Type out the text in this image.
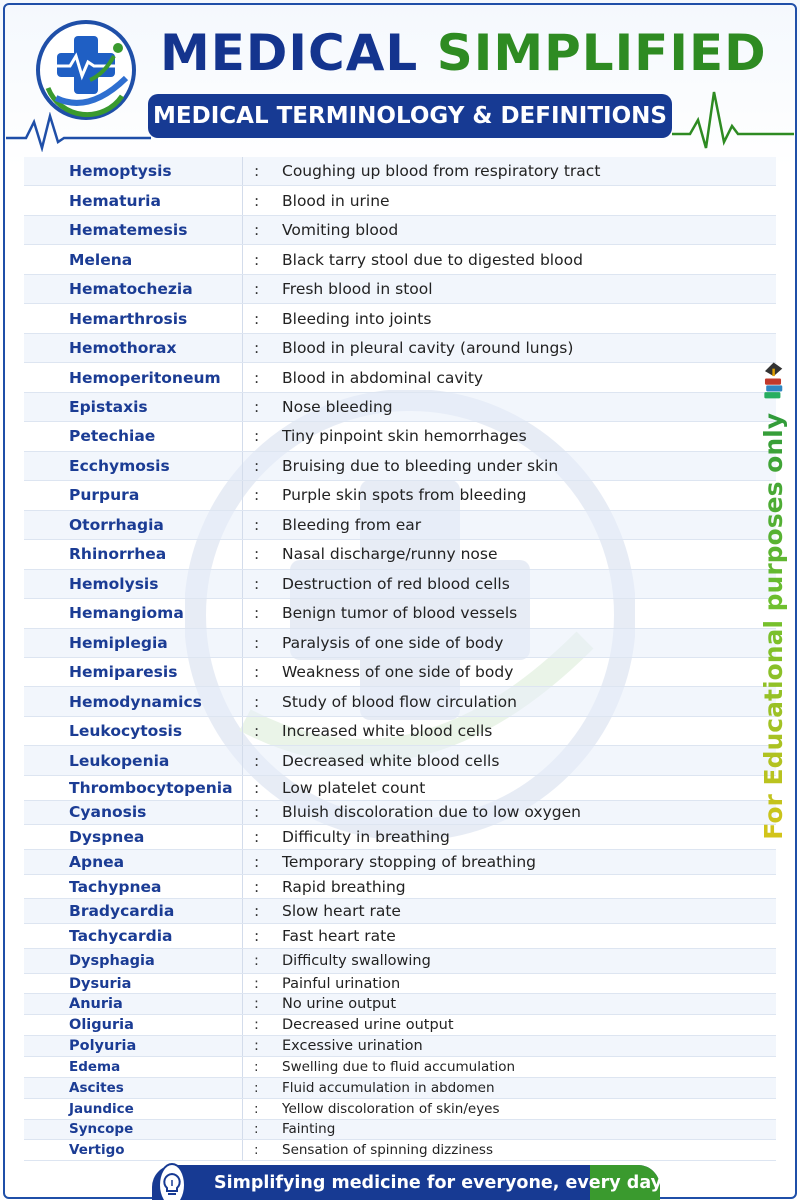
MEDICAL SIMPLIFIED
MEDICAL TERMINOLOGY & DEFINITIONS
Hemoptysis	: Coughing up blood from respiratory tract
Hematuria	: Blood in urine
Hematemesis	: Vomiting blood
Melena	: Black tarry stool due to digested blood
Hematochezia	: Fresh blood in stool
Hemarthrosis	: Bleeding into joints
Hemothorax	: Blood in pleural cavity (around lungs)
Hemoperitoneum : Blood in abdominal cavity
Epistaxis	: Nose bleeding
Petechiae	: Tiny pinpoint skin hemorrhages
Ecchymosis	: Bruising due to bleeding under skin
Purpura	: Purple skin spots from bleeding
Otorrhagia	: Bleeding from ear
Rhinorrhea	: Nasal discharge/runny nose
Hemolysis	: Destruction of red blood cells
Hemangioma	: Benign tumor of blood vessels
Hemiplegia	: Paralysis of one side of body
Hemiparesis	: Weakness of one side of body
Hemodynamics	: Study of blood flow circulation
Leukocytosis	: Increased white blood cells
Leukopenia	: Decreased white blood cells
Thrombocytopenia : Low platelet count
Cyanosis	: Bluish discoloration due to low oxygen
Dyspnea	: Difficulty in breathing
Apnea	: Temporary stopping of breathing
Tachypnea	: Rapid breathing
Bradycardia	: Slow heart rate
Tachycardia	: Fast heart rate
Dysphagia	: Difficulty swallowing
Dysuria	: Painful urination
Anuria	: No urine output
Oliguria	: Decreased urine output
Polyuria	: Excessive urination
Edema	: Swelling due to fluid accumulation
Ascites	: Fluid accumulation in abdomen
Jaundice	: Yellow discoloration of skin/eyes
Syncope	: Fainting
Vertigo	: Sensation of spinning dizziness
For Educational purposes only
Simplifying medicine for everyone, every day.
